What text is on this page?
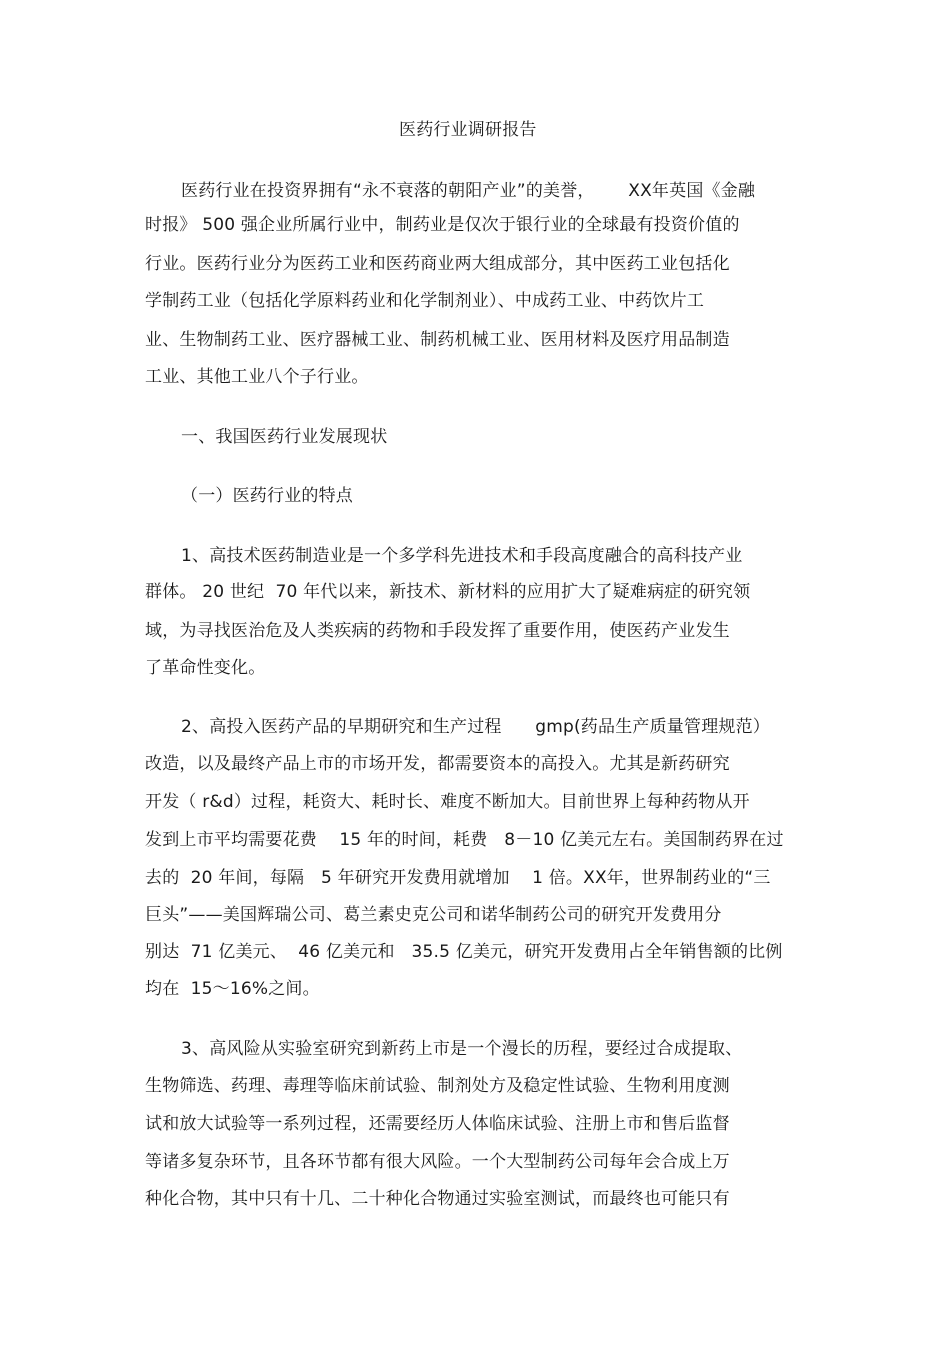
医药行业调研报告
医药行业在投资界拥有“永不衰落的朝阳产业”的美誉，      XX年英国《金融
时报》 500 强企业所属行业中，制药业是仅次于银行业的全球最有投资价值的
行业。医药行业分为医药工业和医药商业两大组成部分，其中医药工业包括化
学制药工业（包括化学原料药业和化学制剂业）、中成药工业、中药饮片工
业、生物制药工业、医疗器械工业、制药机械工业、医用材料及医疗用品制造
工业、其他工业八个子行业。
一、我国医药行业发展现状
（一）医药行业的特点
1、高技术医药制造业是一个多学科先进技术和手段高度融合的高科技产业
群体。 20 世纪  70 年代以来，新技术、新材料的应用扩大了疑难病症的研究领
域，为寻找医治危及人类疾病的药物和手段发挥了重要作用，使医药产业发生
了革命性变化。
2、高投入医药产品的早期研究和生产过程      gmp(药品生产质量管理规范）
改造，以及最终产品上市的市场开发，都需要资本的高投入。尤其是新药研究
开发（ r&d）过程，耗资大、耗时长、难度不断加大。目前世界上每种药物从开
发到上市平均需要花费    15 年的时间，耗费   8－10 亿美元左右。美国制药界在过
去的  20 年间，每隔   5 年研究开发费用就增加    1 倍。XX年，世界制药业的“三
巨头”——美国辉瑞公司、葛兰素史克公司和诺华制药公司的研究开发费用分
别达  71 亿美元、  46 亿美元和   35.5 亿美元，研究开发费用占全年销售额的比例
均在  15～16%之间。
3、高风险从实验室研究到新药上市是一个漫长的历程，要经过合成提取、
生物筛选、药理、毒理等临床前试验、制剂处方及稳定性试验、生物利用度测
试和放大试验等一系列过程，还需要经历人体临床试验、注册上市和售后监督
等诸多复杂环节，且各环节都有很大风险。一个大型制药公司每年会合成上万
种化合物，其中只有十几、二十种化合物通过实验室测试，而最终也可能只有
